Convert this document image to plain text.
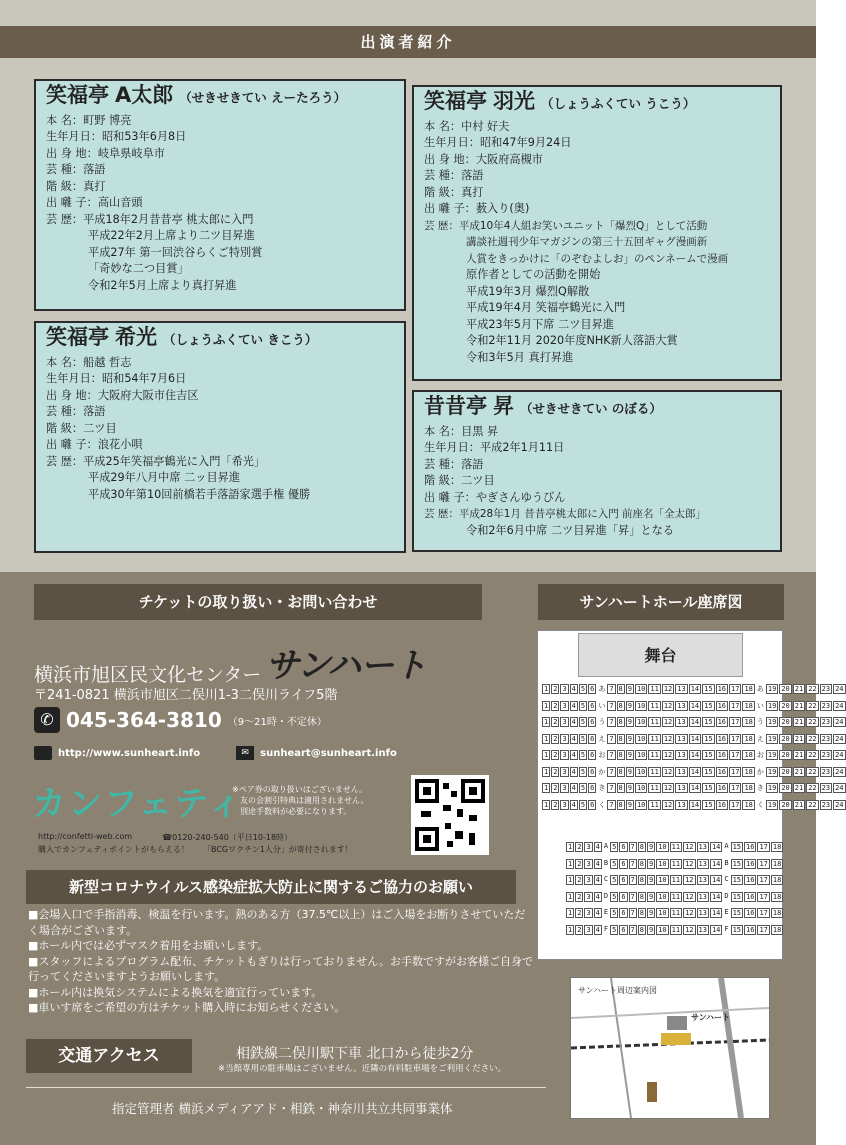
出演者紹介
笑福亭 A太郎 （せきせきてい えーたろう）
本 名：町野 博亮
生年月日：昭和53年6月8日
出 身 地：岐阜県岐阜市
芸 種：落語
階 級：真打
出 囃 子：高山音頭
芸 歴：平成18年2月昔昔亭 桃太郎に入門
平成22年2月上席より二ツ目昇進
平成27年 第一回渋谷らくご特別賞
「奇妙な二つ目賞」
令和2年5月上席より真打昇進
笑福亭 希光 （しょうふくてい きこう）
本 名：船越 哲志
生年月日：昭和54年7月6日
出 身 地：大阪府大阪市住吉区
芸 種：落語
階 級：二ツ目
出 囃 子：浪花小唄
芸 歴：平成25年笑福亭鶴光に入門「希光」
平成29年八月中席 二ッ目昇進
平成30年第10回前橋若手落語家選手権 優勝
笑福亭 羽光 （しょうふくてい うこう）
本 名：中村 好夫
生年月日：昭和47年9月24日
出 身 地：大阪府高槻市
芸 種：落語
階 級：真打
出 囃 子：薮入り(奥)
芸 歴：平成10年4人組お笑いユニット「爆烈Q」として活動
講談社週刊少年マガジンの第三十五回ギャグ漫画新
人賞をきっかけに「のぞむよしお」のペンネームで漫画
原作者としての活動を開始
平成19年3月 爆烈Q解散
平成19年4月 笑福亭鶴光に入門
平成23年5月下席 二ツ目昇進
令和2年11月 2020年度NHK新人落語大賞
令和3年5月 真打昇進
昔昔亭 昇 （せきせきてい のぼる）
本 名：目黒 昇
生年月日：平成2年1月11日
芸 種：落語
階 級：二ツ目
出 囃 子：やぎさんゆうびん
芸 歴：平成28年1月 昔昔亭桃太郎に入門 前座名「全太郎」
令和2年6月中席 二ツ目昇進「昇」となる
チケットの取り扱い・お問い合わせ
横浜市旭区民文化センター サンハート
〒241-0821 横浜市旭区二俣川1-3二俣川ライフ5階
✆ 045-364-3810 （9～21時・不定休）
http://www.sunheart.info	✉	sunheart@sunheart.info
カンフェティ
※ペア券の取り扱いはございません。
友の会割引特典は適用されません。
別途手数料が必要になります。
http://confetti-web.com	☎0120-240-540（平日10-18時）
購入でカンフェティポイントがもらえる！ 「BCGワクチン1人分」が寄付されます！
サンハートホール座席図
舞台
1 2 3 4 5 6 あ 7 8 9 10 11 12 13 14 15 16 17 18 あ 19 20 21 22 23 24
1 2 3 4 5 6 い 7 8 9 10 11 12 13 14 15 16 17 18 い 19 20 21 22 23 24
1 2 3 4 5 6 う 7 8 9 10 11 12 13 14 15 16 17 18 う 19 20 21 22 23 24
1 2 3 4 5 6 え 7 8 9 10 11 12 13 14 15 16 17 18 え 19 20 21 22 23 24
1 2 3 4 5 6 お 7 8 9 10 11 12 13 14 15 16 17 18 お 19 20 21 22 23 24
1 2 3 4 5 6 か 7 8 9 10 11 12 13 14 15 16 17 18 か 19 20 21 22 23 24
1 2 3 4 5 6 き 7 8 9 10 11 12 13 14 15 16 17 18 き 19 20 21 22 23 24
1 2 3 4 5 6 く 7 8 9 10 11 12 13 14 15 16 17 18 く 19 20 21 22 23 24
1 2 3 4 A 5 6 7 8 9 10 11 12 13 14 A 15 16 17 18
1 2 3 4 B 5 6 7 8 9 10 11 12 13 14 B 15 16 17 18
1 2 3 4 C 5 6 7 8 9 10 11 12 13 14 C 15 16 17 18
1 2 3 4 D 5 6 7 8 9 10 11 12 13 14 D 15 16 17 18
1 2 3 4 E 5 6 7 8 9 10 11 12 13 14 E 15 16 17 18
1 2 3 4 F 5 6 7 8 9 10 11 12 13 14 F 15 16 17 18
新型コロナウイルス感染症拡大防止に関するご協力のお願い
■会場入口で手指消毒、検温を行います。熱のある方（37.5℃以上）はご入場をお断りさせていただく場合がございます。
■ホール内では必ずマスク着用をお願いします。
■スタッフによるプログラム配布、チケットもぎりは行っておりません。お手数ですがお客様ご自身で行ってくださいますようお願いします。
■ホール内は換気システムによる換気を適宜行っています。
■車いす席をご希望の方はチケット購入時にお知らせください。
交通アクセス	相鉄線二俣川駅下車 北口から徒歩2分
※当館専用の駐車場はございません。近隣の有料駐車場をご利用ください。
指定管理者 横浜メディアアド・相鉄・神奈川共立共同事業体
サンハート周辺案内図
サンハート
